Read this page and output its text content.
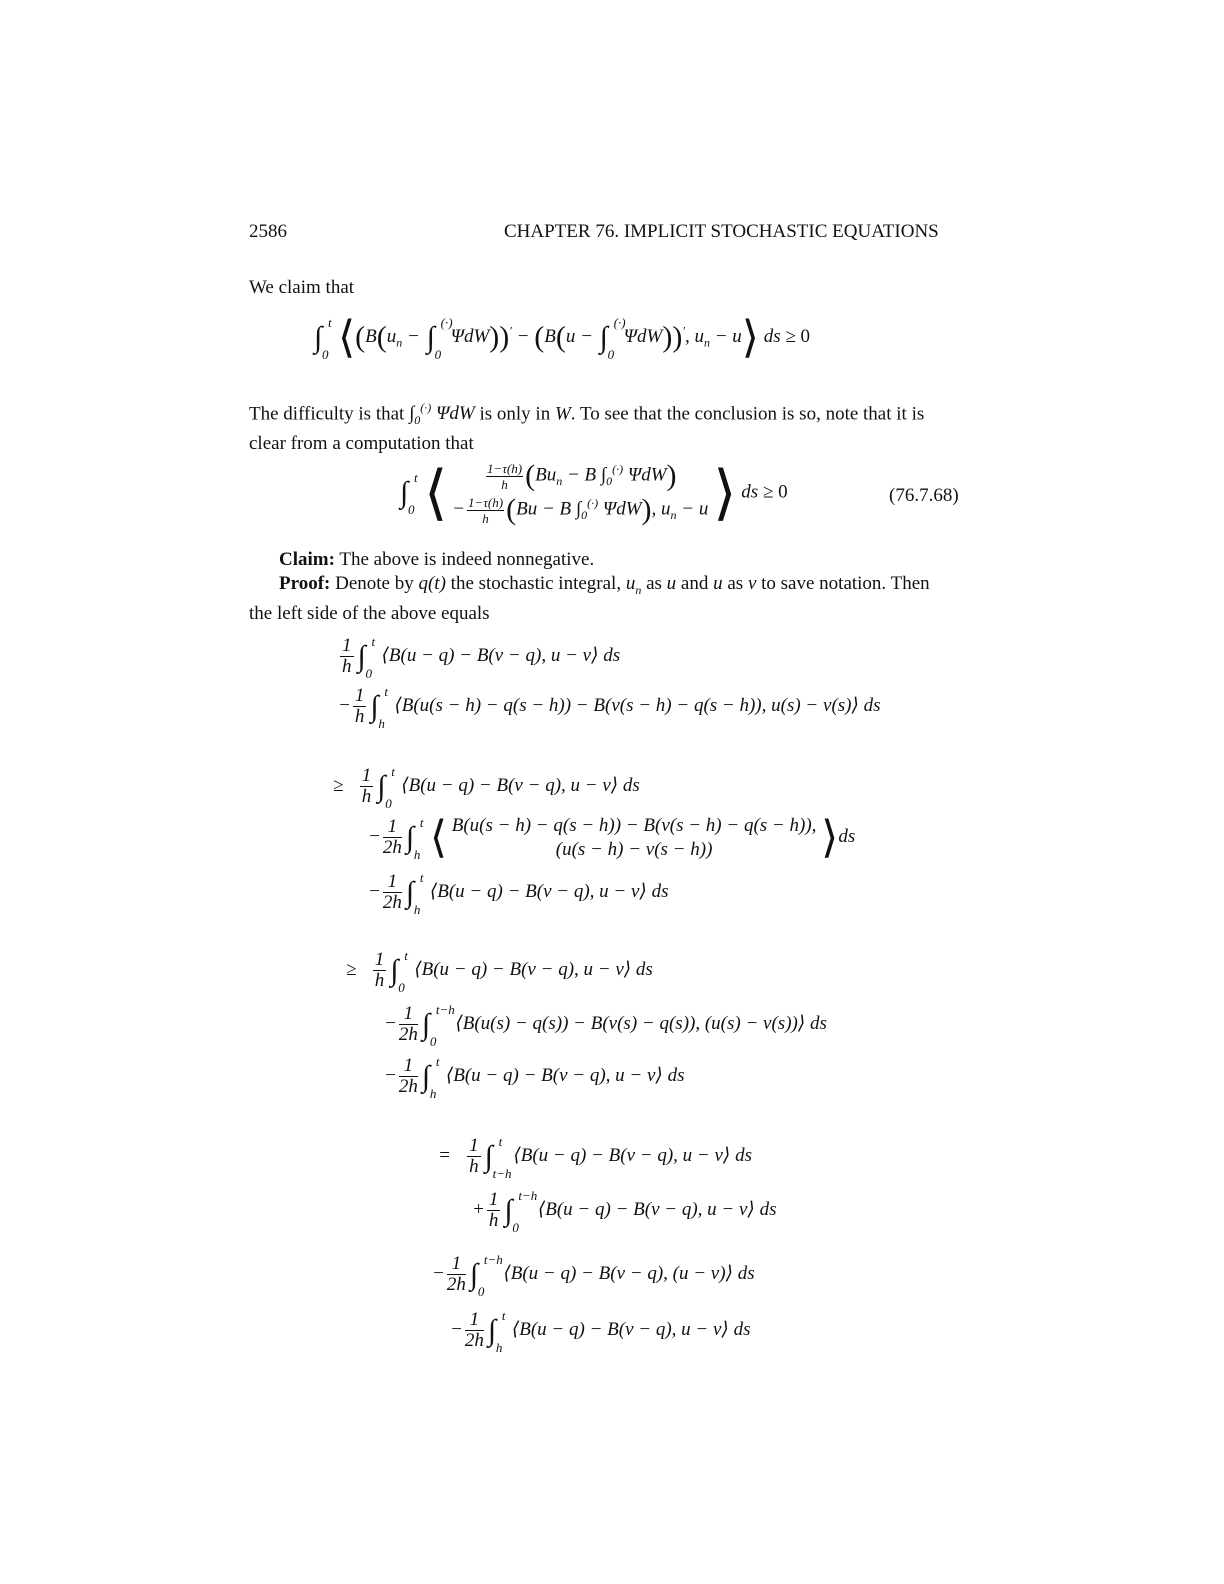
2586	CHAPTER 76. IMPLICIT STOCHASTIC EQUATIONS
We claim that
∫ t
0 $⟨(B(u_n$ − ∫ (·)
0
ΨdW))′ − (B(u − ∫ (·)
0
ΨdW))′, $u_n$ − u⟩ ds ≥ 0
The difficulty is that $\int_0^{(\cdot)}$ ΨdW is only in W. To see that the conclusion is so, note that it is
clear from a computation that
∫ t
0 ⟨	$\frac{1-\tau(h)}{h} (Bu_n - B$ $\int_0^{(\cdot)}$ ΨdW)
− $\frac{1-\tau(h)}{h} (Bu - B$ $\int_0^{(\cdot)}$ ΨdW), $u_n - u$ ⟩ ds ≥ 0	(76.7.68)
Claim: The above is indeed nonnegative.
Proof: Denote by q(t) the stochastic integral, $u_n$ as u and u as v to save notation. Then
the left side of the above equals
$\frac{1}{h}$ ∫ t
0
⟨B(u − q) − B(v − q), u − v⟩ ds
− $\frac{1}{h}$ ∫ t
h
⟨B(u(s − h) − q(s − h)) − B(v(s − h) − q(s − h)), u(s) − v(s)⟩ ds
≥ $\frac{1}{h}$ ∫ t
0
⟨B(u − q) − B(v − q), u − v⟩ ds
− $\frac{1}{2h}$ ∫ t
h ⟨ B(u(s − h) − q(s − h)) − B(v(s − h) − q(s − h)),
(u(s − h) − v(s − h))	⟩ds
− $\frac{1}{2h}$ ∫ t
h
⟨B(u − q) − B(v − q), u − v⟩ ds
≥ $\frac{1}{h}$ ∫ t
0
⟨B(u − q) − B(v − q), u − v⟩ ds
− $\frac{1}{2h}$ ∫ t−h
0
⟨B(u(s) − q(s)) − B(v(s) − q(s)), (u(s) − v(s))⟩ ds
− $\frac{1}{2h}$ ∫ t
h
⟨B(u − q) − B(v − q), u − v⟩ ds
= $\frac{1}{h}$ ∫ t
t−h
⟨B(u − q) − B(v − q), u − v⟩ ds
+ $\frac{1}{h}$ ∫ t−h
0
⟨B(u − q) − B(v − q), u − v⟩ ds
− $\frac{1}{2h}$ ∫ t−h
0
⟨B(u − q) − B(v − q), (u − v)⟩ ds
− $\frac{1}{2h}$ ∫ t
h
⟨B(u − q) − B(v − q), u − v⟩ ds
